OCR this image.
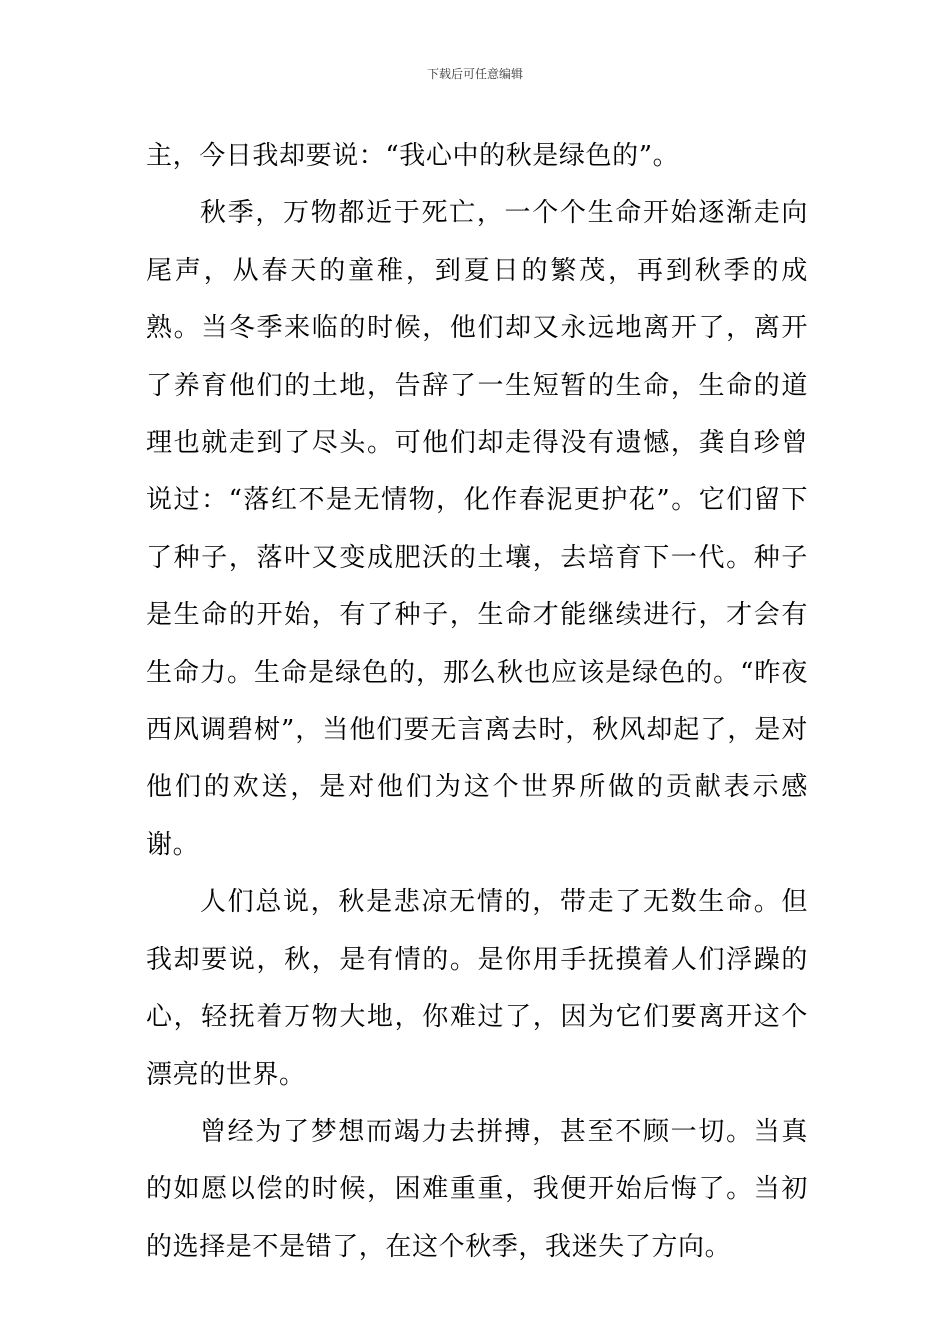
下载后可任意编辑

主，今日我却要说：“我心中的秋是绿色的”。

秋季，万物都近于死亡，一个个生命开始逐渐走向尾声，从春天的童稚，到夏日的繁茂，再到秋季的成熟。当冬季来临的时候，他们却又永远地离开了，离开了养育他们的土地，告辞了一生短暂的生命，生命的道理也就走到了尽头。可他们却走得没有遗憾，龚自珍曾说过：“落红不是无情物，化作春泥更护花”。它们留下了种子，落叶又变成肥沃的土壤，去培育下一代。种子是生命的开始，有了种子，生命才能继续进行，才会有生命力。生命是绿色的，那么秋也应该是绿色的。“昨夜西风调碧树”，当他们要无言离去时，秋风却起了，是对他们的欢送，是对他们为这个世界所做的贡献表示感谢。

人们总说，秋是悲凉无情的，带走了无数生命。但我却要说，秋，是有情的。是你用手抚摸着人们浮躁的心，轻抚着万物大地，你难过了，因为它们要离开这个漂亮的世界。

曾经为了梦想而竭力去拼搏，甚至不顾一切。当真的如愿以偿的时候，困难重重，我便开始后悔了。当初的选择是不是错了，在这个秋季，我迷失了方向。
